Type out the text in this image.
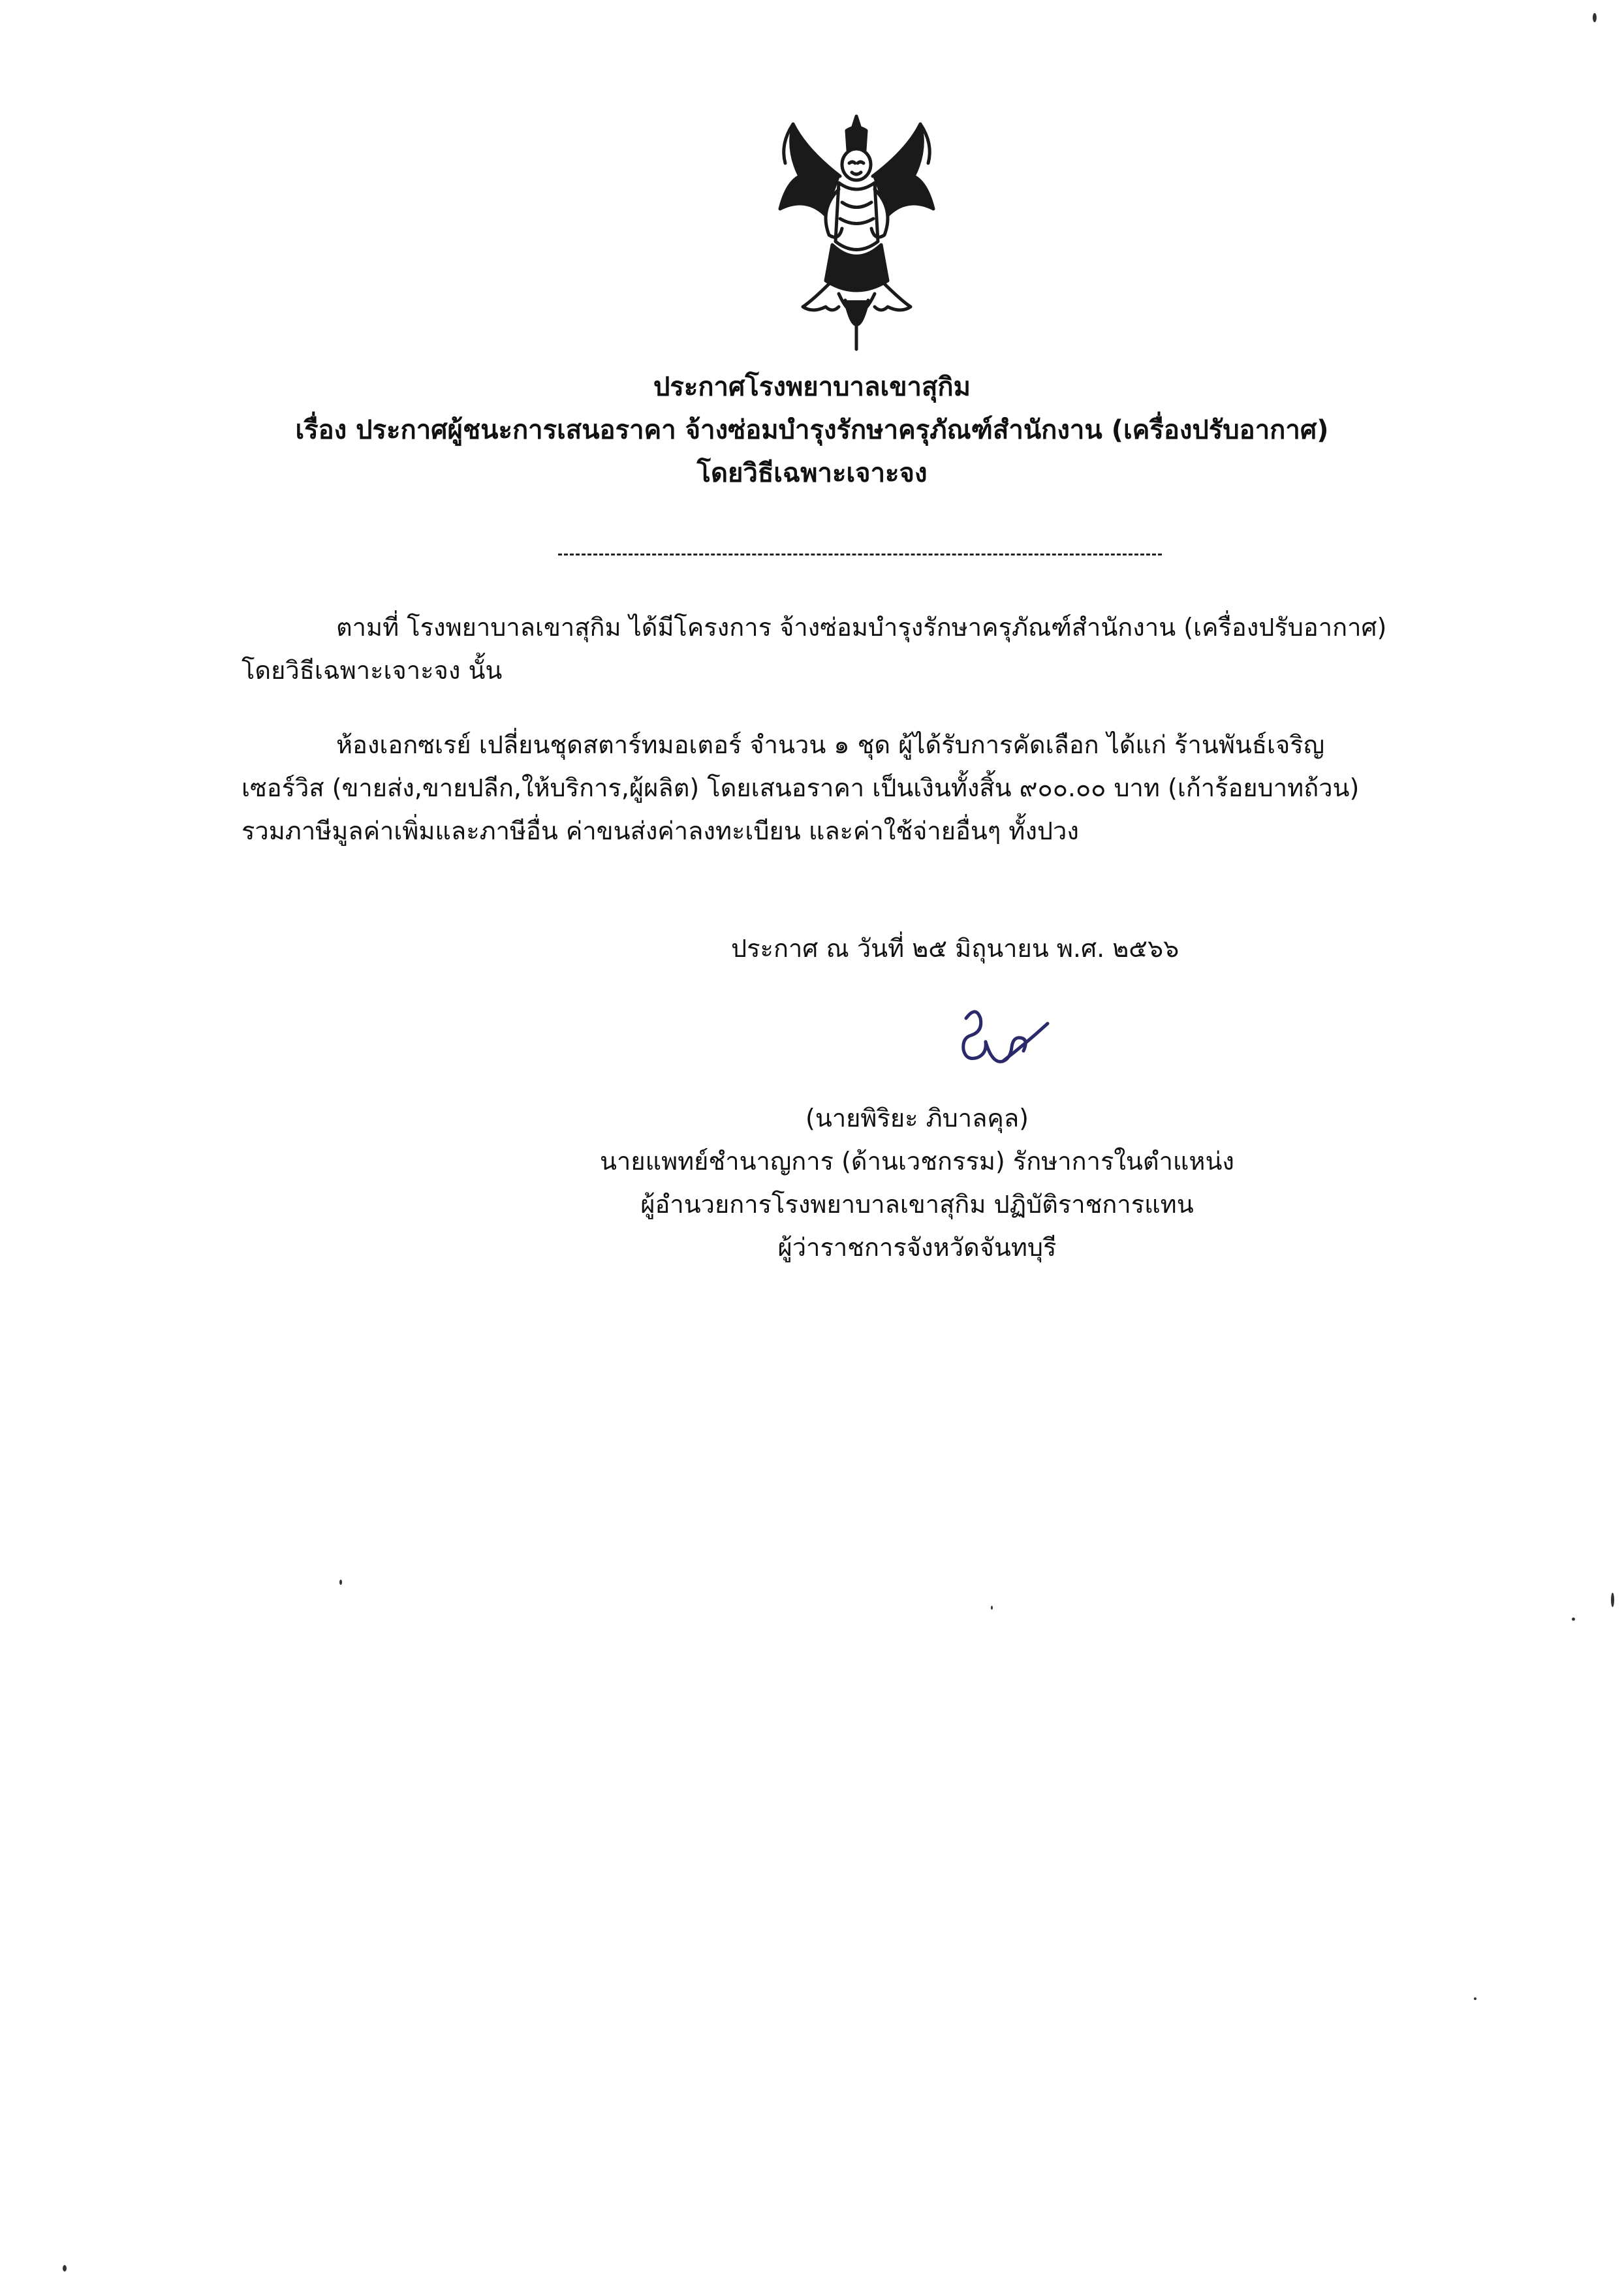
ประกาศโรงพยาบาลเขาสุกิม
เรื่อง ประกาศผู้ชนะการเสนอราคา จ้างซ่อมบำรุงรักษาครุภัณฑ์สำนักงาน (เครื่องปรับอากาศ)
โดยวิธีเฉพาะเจาะจง
ตามที่ โรงพยาบาลเขาสุกิม ได้มีโครงการ จ้างซ่อมบำรุงรักษาครุภัณฑ์สำนักงาน (เครื่องปรับอากาศ)
โดยวิธีเฉพาะเจาะจง นั้น
ห้องเอกซเรย์ เปลี่ยนชุดสตาร์ทมอเตอร์ จำนวน ๑ ชุด ผู้ได้รับการคัดเลือก ได้แก่ ร้านพันธ์เจริญ
เซอร์วิส (ขายส่ง,ขายปลีก,ให้บริการ,ผู้ผลิต) โดยเสนอราคา เป็นเงินทั้งสิ้น ๙๐๐.๐๐ บาท (เก้าร้อยบาทถ้วน)
รวมภาษีมูลค่าเพิ่มและภาษีอื่น ค่าขนส่งค่าลงทะเบียน และค่าใช้จ่ายอื่นๆ ทั้งปวง
ประกาศ ณ วันที่ ๒๕ มิถุนายน พ.ศ. ๒๕๖๖
(นายพิริยะ ภิบาลคุล)
นายแพทย์ชำนาญการ (ด้านเวชกรรม) รักษาการในตำแหน่ง
ผู้อำนวยการโรงพยาบาลเขาสุกิม ปฏิบัติราชการแทน
ผู้ว่าราชการจังหวัดจันทบุรี
